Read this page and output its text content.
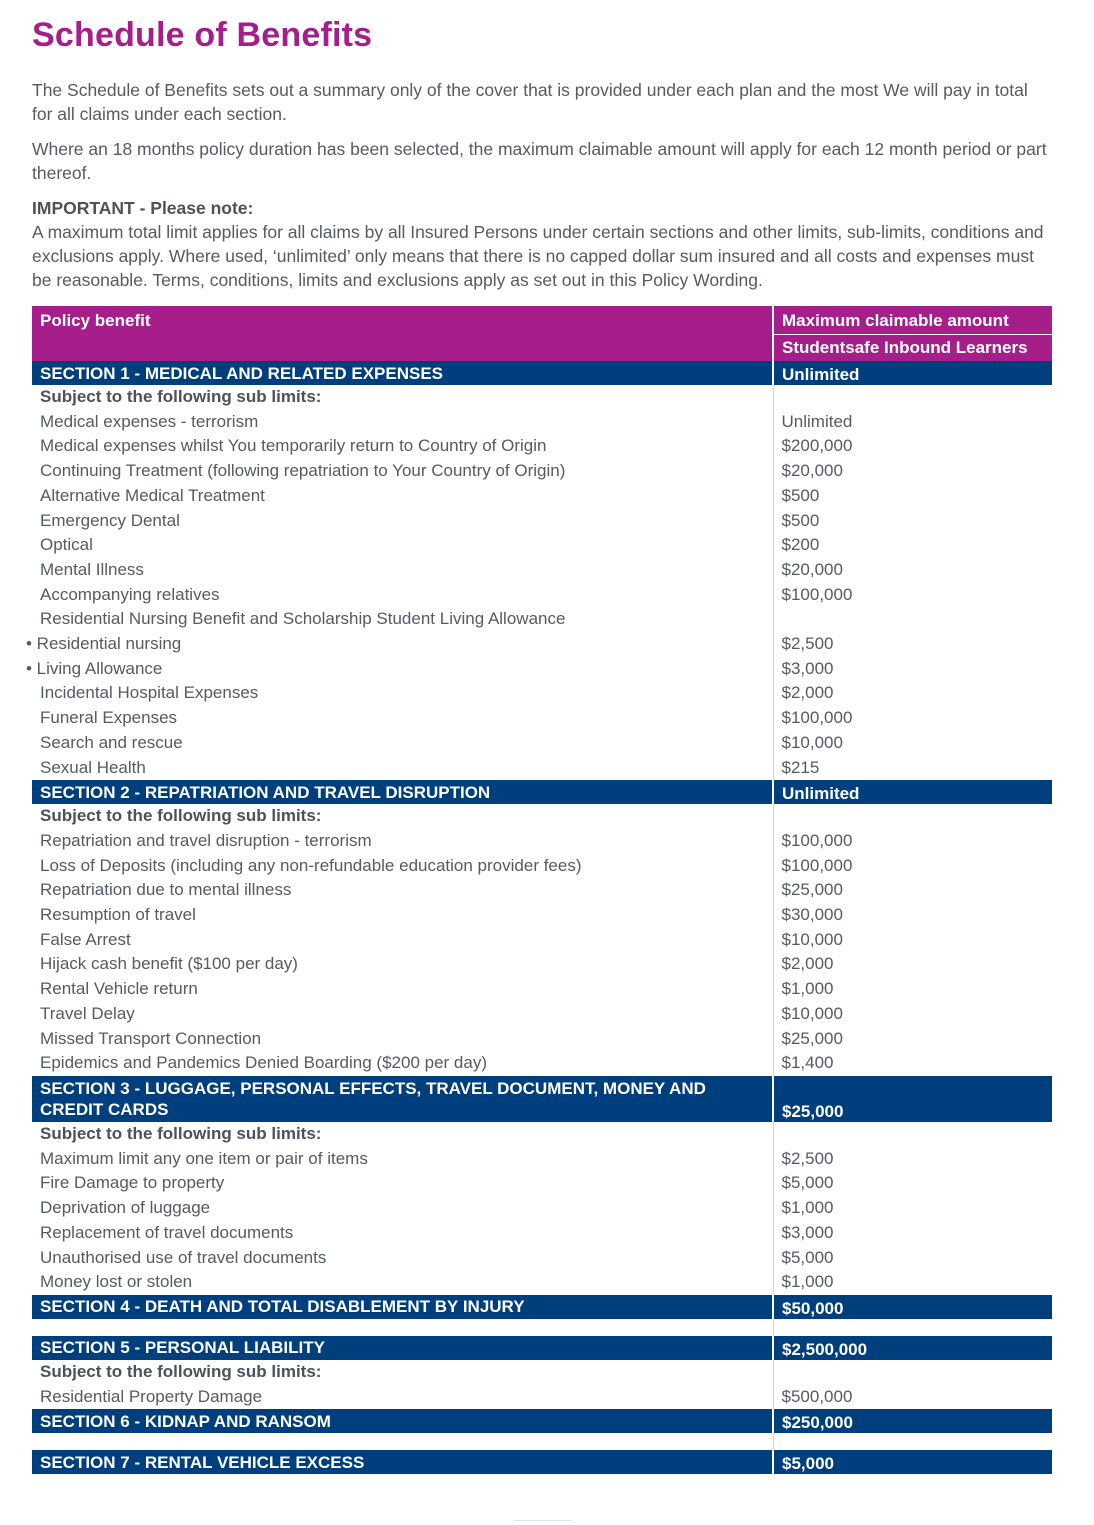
Schedule of Benefits

The Schedule of Benefits sets out a summary only of the cover that is provided under each plan and the most We will pay in total for all claims under each section.

Where an 18 months policy duration has been selected, the maximum claimable amount will apply for each 12 month period or part thereof.

IMPORTANT - Please note:

A maximum total limit applies for all claims by all Insured Persons under certain sections and other limits, sub-limits, conditions and exclusions apply. Where used, ‘unlimited’ only means that there is no capped dollar sum insured and all costs and expenses must be reasonable. Terms, conditions, limits and exclusions apply as set out in this Policy Wording.

Policy benefit	Maximum claimable amount
	Studentsafe Inbound Learners
SECTION 1 - MEDICAL AND RELATED EXPENSES	Unlimited
Subject to the following sub limits:	
Medical expenses - terrorism	Unlimited
Medical expenses whilst You temporarily return to Country of Origin	$200,000
Continuing Treatment (following repatriation to Your Country of Origin)	$20,000
Alternative Medical Treatment	$500
Emergency Dental	$500
Optical	$200
Mental Illness	$20,000
Accompanying relatives	$100,000
Residential Nursing Benefit and Scholarship Student Living Allowance	
• Residential nursing	$2,500
• Living Allowance	$3,000
Incidental Hospital Expenses	$2,000
Funeral Expenses	$100,000
Search and rescue	$10,000
Sexual Health	$215
SECTION 2 - REPATRIATION AND TRAVEL DISRUPTION	Unlimited
Subject to the following sub limits:	
Repatriation and travel disruption - terrorism	$100,000
Loss of Deposits (including any non-refundable education provider fees)	$100,000
Repatriation due to mental illness	$25,000
Resumption of travel	$30,000
False Arrest	$10,000
Hijack cash benefit ($100 per day)	$2,000
Rental Vehicle return	$1,000
Travel Delay	$10,000
Missed Transport Connection	$25,000
Epidemics and Pandemics Denied Boarding ($200 per day)	$1,400
SECTION 3 - LUGGAGE, PERSONAL EFFECTS, TRAVEL DOCUMENT, MONEY AND CREDIT CARDS	$25,000
Subject to the following sub limits:	
Maximum limit any one item or pair of items	$2,500
Fire Damage to property	$5,000
Deprivation of luggage	$1,000
Replacement of travel documents	$3,000
Unauthorised use of travel documents	$5,000
Money lost or stolen	$1,000
SECTION 4 - DEATH AND TOTAL DISABLEMENT BY INJURY	$50,000

SECTION 5 - PERSONAL LIABILITY	$2,500,000
Subject to the following sub limits:	
Residential Property Damage	$500,000
SECTION 6 - KIDNAP AND RANSOM	$250,000

SECTION 7 - RENTAL VEHICLE EXCESS	$5,000
